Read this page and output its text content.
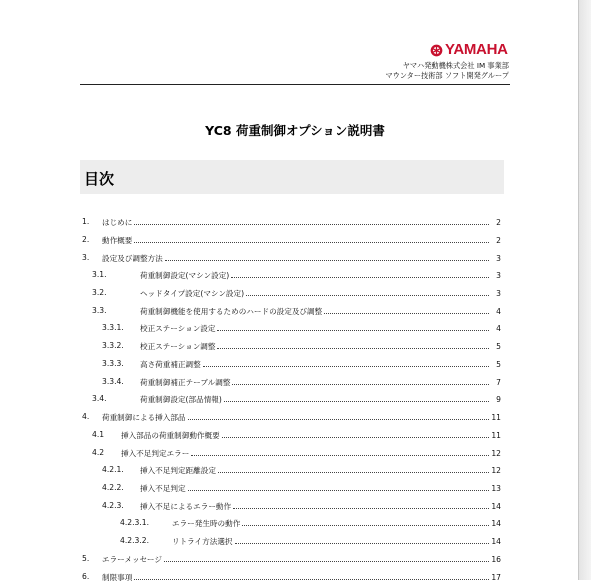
YAMAHA
ヤマハ発動機株式会社 IM 事業部
マウンター技術部 ソフト開発グループ
YC8 荷重制御オプション説明書
目次
1. はじめに	2
2. 動作概要	2
3. 設定及び調整方法	3
3.1.	荷重制御設定(マシン設定)	3
3.2.	ヘッドタイプ設定(マシン設定)	3
3.3.	荷重制御機能を使用するためのハードの設定及び調整	4
3.3.1. 校正ステーション設定	4
3.3.2. 校正ステーション調整	5
3.3.3. 高さ荷重補正調整	5
3.3.4. 荷重制御補正テーブル調整	7
3.4.	荷重制御設定(部品情報)	9
4. 荷重制御による挿入部品	11
4.1 挿入部品の荷重制御動作概要	11
4.2 挿入不足判定エラー	12
4.2.1. 挿入不足判定距離設定	12
4.2.2. 挿入不足判定	13
4.2.3. 挿入不足によるエラー動作	14
4.2.3.1.	エラー発生時の動作	14
4.2.3.2.	リトライ方法選択	14
5. エラーメッセージ	16
6. 制限事項	17
